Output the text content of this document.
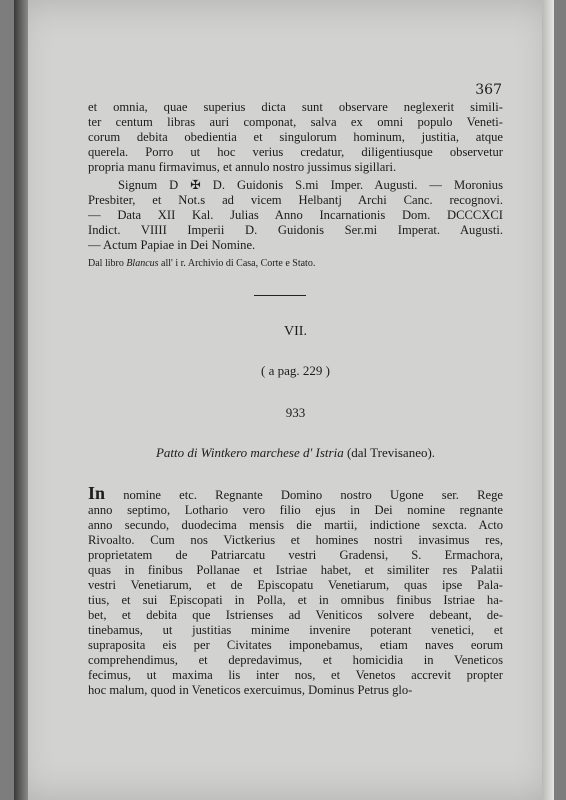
367
et omnia, quae superius dicta sunt observare neglexerit simili-
ter centum libras auri componat, salva ex omni populo Veneti-
corum debita obedientia et singulorum hominum, justitia, atque
querela. Porro ut hoc verius credatur, diligentiusque observetur
propria manu firmavimus, et annulo nostro jussimus sigillari.
Signum D ✠ D. Guidonis S.mi Imper. Augusti. — Moronius
Presbiter, et Not.s ad vicem Helbantj Archi Canc. recognovi.
— Data XII Kal. Julias Anno Incarnationis Dom. DCCCXCI
Indict. VIIII Imperii D. Guidonis Ser.mi Imperat. Augusti.
— Actum Papiae in Dei Nomine.
Dal libro Blancus all' i r. Archivio di Casa, Corte e Stato.
VII.
( a pag. 229 )
933
Patto di Wintkero marchese d' Istria (dal Trevisaneo).
In nomine etc. Regnante Domino nostro Ugone ser. Rege
anno septimo, Lothario vero filio ejus in Dei nomine regnante
anno secundo, duodecima mensis die martii, indictione sexcta. Acto
Rivoalto. Cum nos Victkerius et homines nostri invasimus res,
proprietatem de Patriarcatu vestri Gradensi, S. Ermachora,
quas in finibus Pollanae et Istriae habet, et similiter res Palatii
vestri Venetiarum, et de Episcopatu Venetiarum, quas ipse Pala-
tius, et sui Episcopati in Polla, et in omnibus finibus Istriae ha-
bet, et debita que Istrienses ad Veniticos solvere debeant, de-
tinebamus, ut justitias minime invenire poterant venetici, et
supraposita eis per Civitates imponebamus, etiam naves eorum
comprehendimus, et depredavimus, et homicidia in Veneticos
fecimus, ut maxima lis inter nos, et Venetos accrevit propter
hoc malum, quod in Veneticos exercuimus, Dominus Petrus glo-
